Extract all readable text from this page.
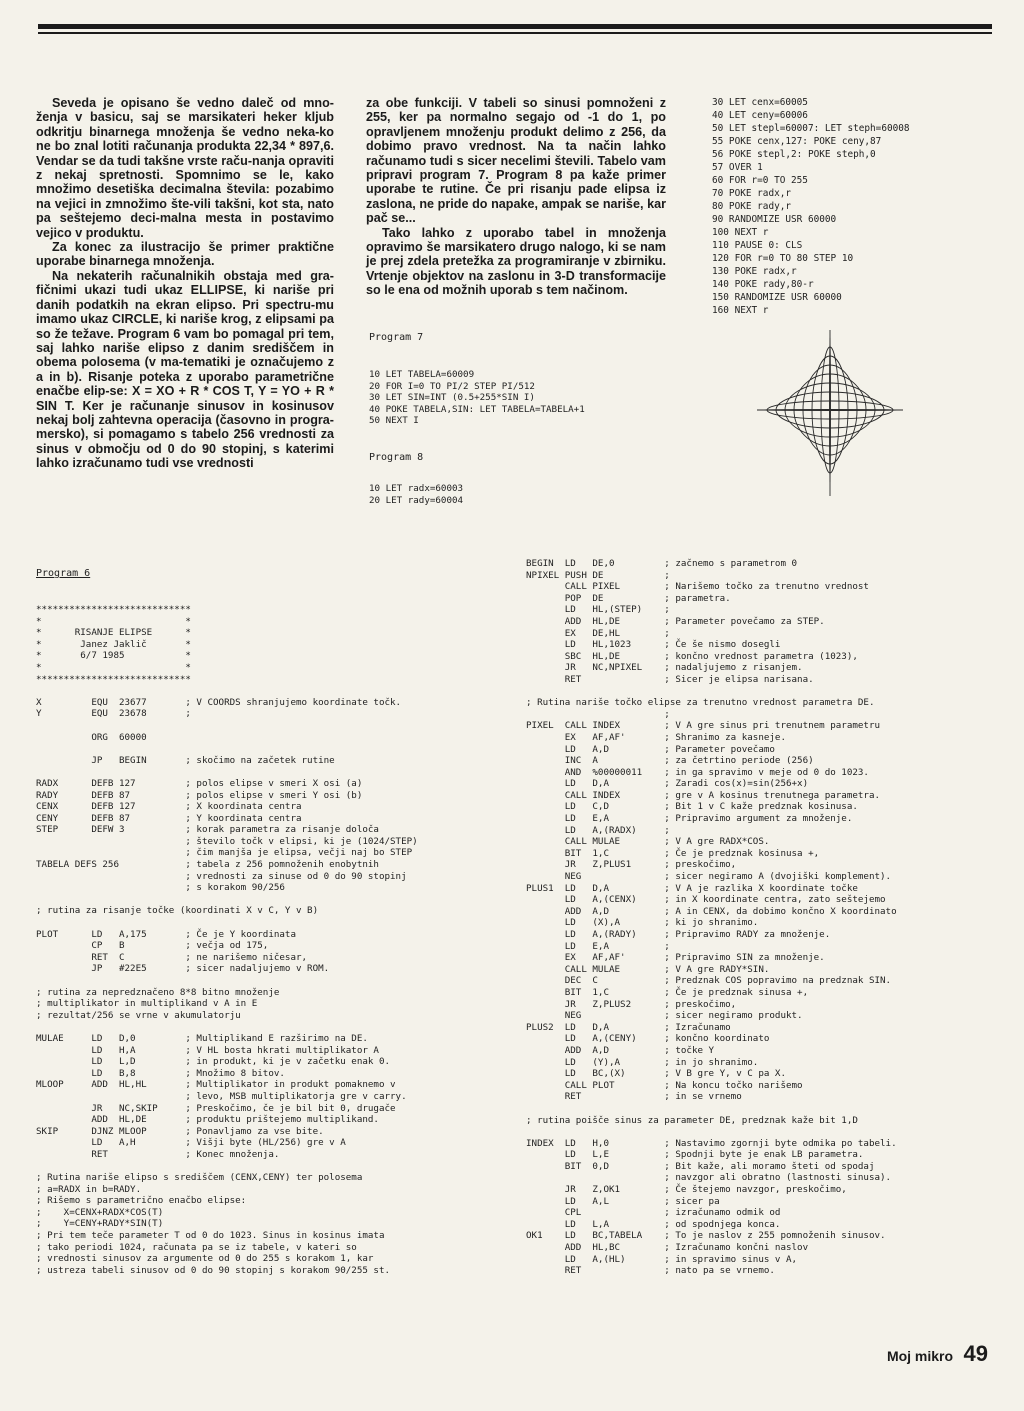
Seveda je opisano še vedno daleč od mno-ženja v basicu, saj se marsikateri heker kljub odkritju binarnega množenja še vedno neka-ko ne bo znal lotiti računanja produkta 22,34 * 897,6. Vendar se da tudi takšne vrste raču-nanja opraviti z nekaj spretnosti. Spomnimo se le, kako množimo desetiška decimalna števila: pozabimo na vejici in zmnožimo šte-vili takšni, kot sta, nato pa seštejemo deci-malna mesta in postavimo vejico v produktu.

Za konec za ilustracijo še primer praktične uporabe binarnega množenja.

Na nekaterih računalnikih obstaja med gra-fičnimi ukazi tudi ukaz ELLIPSE, ki nariše pri danih podatkih na ekran elipso. Pri spectru-mu imamo ukaz CIRCLE, ki nariše krog, z elipsami pa so že težave. Program 6 vam bo pomagal pri tem, saj lahko nariše elipso z danim središčem in obema polosema (v ma-tematiki je označujemo z a in b). Risanje poteka z uporabo parametrične enačbe elip-se: X = XO + R * COS T, Y = YO + R * SIN T. Ker je računanje sinusov in kosinusov nekaj bolj zahtevna operacija (časovno in progra-mersko), si pomagamo s tabelo 256 vrednosti za sinus v območju od 0 do 90 stopinj, s katerimi lahko izračunamo tudi vse vrednosti

za obe funkciji. V tabeli so sinusi pomnoženi z 255, ker pa normalno segajo od -1 do 1, po opravljenem množenju produkt delimo z 256, da dobimo pravo vrednost. Na ta način lahko računamo tudi s sicer necelimi števili. Tabelo vam pripravi program 7. Program 8 pa kaže primer uporabe te rutine. Če pri risanju pade elipsa iz zaslona, ne pride do napake, ampak se nariše, kar pač se...

Tako lahko z uporabo tabel in množenja opravimo še marsikatero drugo nalogo, ki se nam je prej zdela pretežka za programiranje v zbirniku. Vrtenje objektov na zaslonu in 3-D transformacije so le ena od možnih uporab s tem načinom.

Program 7
10 LET TABELA=60009
20 FOR I=0 TO PI/2 STEP PI/512
30 LET SIN=INT (0.5+255*SIN I)
40 POKE TABELA,SIN: LET TABELA=TABELA+1
50 NEXT I
Program 8
10 LET radx=60003
20 LET rady=60004
30 LET cenx=60005
40 LET ceny=60006
50 LET stepl=60007: LET steph=60008
55 POKE cenx,127: POKE ceny,87
56 POKE stepl,2: POKE steph,0
57 OVER 1
60 FOR r=0 TO 255
70 POKE radx,r
80 POKE rady,r
90 RANDOMIZE USR 60000
100 NEXT r
110 PAUSE 0: CLS
120 FOR r=0 TO 80 STEP 10
130 POKE radx,r
140 POKE rady,80-r
150 RANDOMIZE USR 60000
160 NEXT r
Program 6
****************************
*                          *
*      RISANJE ELIPSE      *
*       Janez Jaklič       *
*       6/7 1985           *
*                          *
****************************

X         EQU  23677       ; V COORDS shranjujemo koordinate točk.
Y         EQU  23678       ;

ORG  60000

JP   BEGIN       ; skočimo na začetek rutine

RADX      DEFB 127         ; polos elipse v smeri X osi (a)
RADY      DEFB 87          ; polos elipse v smeri Y osi (b)
CENX      DEFB 127         ; X koordinata centra
CENY      DEFB 87          ; Y koordinata centra
STEP      DEFW 3           ; korak parametra za risanje določa
; število točk v elipsi, ki je (1024/STEP)
; čim manjša je elipsa, večji naj bo STEP
TABELA DEFS 256            ; tabela z 256 pomnoženih enobytnih
; vrednosti za sinuse od 0 do 90 stopinj
; s korakom 90/256

; rutina za risanje točke (koordinati X v C, Y v B)

PLOT      LD   A,175       ; Če je Y koordinata
CP   B           ; večja od 175,
RET  C           ; ne narišemo ničesar,
JP   #22E5       ; sicer nadaljujemo v ROM.

; rutina za nepredznačeno 8*8 bitno množenje
; multiplikator in multiplikand v A in E
; rezultat/256 se vrne v akumulatorju

MULAE     LD   D,0         ; Multiplikand E razširimo na DE.
LD   H,A         ; V HL bosta hkrati multiplikator A
LD   L,D         ; in produkt, ki je v začetku enak 0.
LD   B,8         ; Množimo 8 bitov.
MLOOP     ADD  HL,HL       ; Multiplikator in produkt pomaknemo v
; levo, MSB multiplikatorja gre v carry.
JR   NC,SKIP     ; Preskočimo, če je bil bit 0, drugače
ADD  HL,DE       ; produktu prištejemo multiplikand.
SKIP      DJNZ MLOOP       ; Ponavljamo za vse bite.
LD   A,H         ; Višji byte (HL/256) gre v A
RET              ; Konec množenja.

; Rutina nariše elipso s središčem (CENX,CENY) ter polosema
; a=RADX in b=RADY.
; Rišemo s parametrično enačbo elipse:
;    X=CENX+RADX*COS(T)
;    Y=CENY+RADY*SIN(T)
; Pri tem teče parameter T od 0 do 1023. Sinus in kosinus imata
; tako periodi 1024, računata pa se iz tabele, v kateri so
; vrednosti sinusov za argumente od 0 do 255 s korakom 1, kar
; ustreza tabeli sinusov od 0 do 90 stopinj s korakom 90/255 st.
BEGIN  LD   DE,0         ; začnemo s parametrom 0
NPIXEL PUSH DE           ;
CALL PIXEL        ; Narišemo točko za trenutno vrednost
POP  DE           ; parametra.
LD   HL,(STEP)    ;
ADD  HL,DE        ; Parameter povečamo za STEP.
EX   DE,HL        ;
LD   HL,1023      ; Če še nismo dosegli
SBC  HL,DE        ; končno vrednost parametra (1023),
JR   NC,NPIXEL    ; nadaljujemo z risanjem.
RET               ; Sicer je elipsa narisana.

; Rutina nariše točko elipse za trenutno vrednost parametra DE.
;
PIXEL  CALL INDEX        ; V A gre sinus pri trenutnem parametru
EX   AF,AF'       ; Shranimo za kasneje.
LD   A,D          ; Parameter povečamo
INC  A            ; za četrtino periode (256)
AND  %00000011    ; in ga spravimo v meje od 0 do 1023.
LD   D,A          ; Zaradi cos(x)=sin(256+x)
CALL INDEX        ; gre v A kosinus trenutnega parametra.
LD   C,D          ; Bit 1 v C kaže predznak kosinusa.
LD   E,A          ; Pripravimo argument za množenje.
LD   A,(RADX)     ;
CALL MULAE        ; V A gre RADX*COS.
BIT  1,C          ; Če je predznak kosinusa +,
JR   Z,PLUS1      ; preskočimo,
NEG               ; sicer negiramo A (dvojiški komplement).
PLUS1  LD   D,A          ; V A je razlika X koordinate točke
LD   A,(CENX)     ; in X koordinate centra, zato seštejemo
ADD  A,D          ; A in CENX, da dobimo končno X koordinato
LD   (X),A        ; ki jo shranimo.
LD   A,(RADY)     ; Pripravimo RADY za množenje.
LD   E,A          ;
EX   AF,AF'       ; Pripravimo SIN za množenje.
CALL MULAE        ; V A gre RADY*SIN.
DEC  C            ; Predznak COS popravimo na predznak SIN.
BIT  1,C          ; Če je predznak sinusa +,
JR   Z,PLUS2      ; preskočimo,
NEG               ; sicer negiramo produkt.
PLUS2  LD   D,A          ; Izračunamo
LD   A,(CENY)     ; končno koordinato
ADD  A,D          ; točke Y
LD   (Y),A        ; in jo shranimo.
LD   BC,(X)       ; V B gre Y, v C pa X.
CALL PLOT         ; Na koncu točko narišemo
RET               ; in se vrnemo

; rutina poišče sinus za parameter DE, predznak kaže bit 1,D

INDEX  LD   H,0          ; Nastavimo zgornji byte odmika po tabeli.
LD   L,E          ; Spodnji byte je enak LB parametra.
BIT  0,D          ; Bit kaže, ali moramo šteti od spodaj
; navzgor ali obratno (lastnosti sinusa).
JR   Z,OK1        ; Če štejemo navzgor, preskočimo,
LD   A,L          ; sicer pa
CPL               ; izračunamo odmik od
LD   L,A          ; od spodnjega konca.
OK1    LD   BC,TABELA    ; To je naslov z 255 pomnoženih sinusov.
ADD  HL,BC        ; Izračunamo končni naslov
LD   A,(HL)       ; in spravimo sinus v A,
RET               ; nato pa se vrnemo.
Moj mikro 49
